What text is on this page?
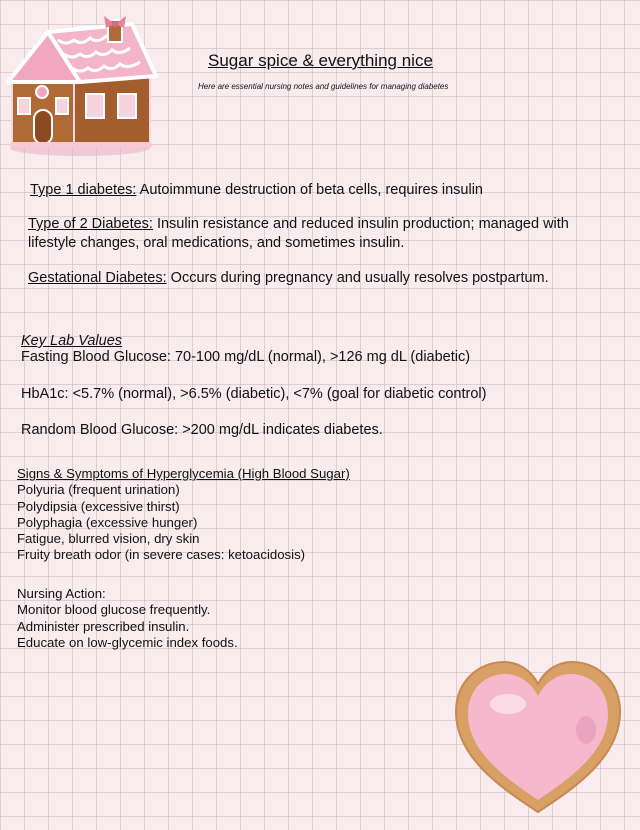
Sugar spice & everything nice
Here are essential nursing notes and guidelines for managing diabetes
Type 1 diabetes: Autoimmune destruction of beta cells, requires insulin
Type of 2 Diabetes: Insulin resistance and reduced insulin production; managed with lifestyle changes, oral medications, and sometimes insulin.
Gestational Diabetes: Occurs during pregnancy and usually resolves postpartum.
Key Lab Values
Fasting Blood Glucose: 70-100 mg/dL (normal), >126 mg dL (diabetic)
HbA1c: <5.7% (normal), >6.5% (diabetic), <7% (goal for diabetic control)
Random Blood Glucose: >200 mg/dL indicates diabetes.
Signs & Symptoms of Hyperglycemia (High Blood Sugar)
Polyuria (frequent urination)
Polydipsia (excessive thirst)
Polyphagia (excessive hunger)
Fatigue, blurred vision, dry skin
Fruity breath odor (in severe cases: ketoacidosis)
Nursing Action:
Monitor blood glucose frequently.
Administer prescribed insulin.
Educate on low-glycemic index foods.
